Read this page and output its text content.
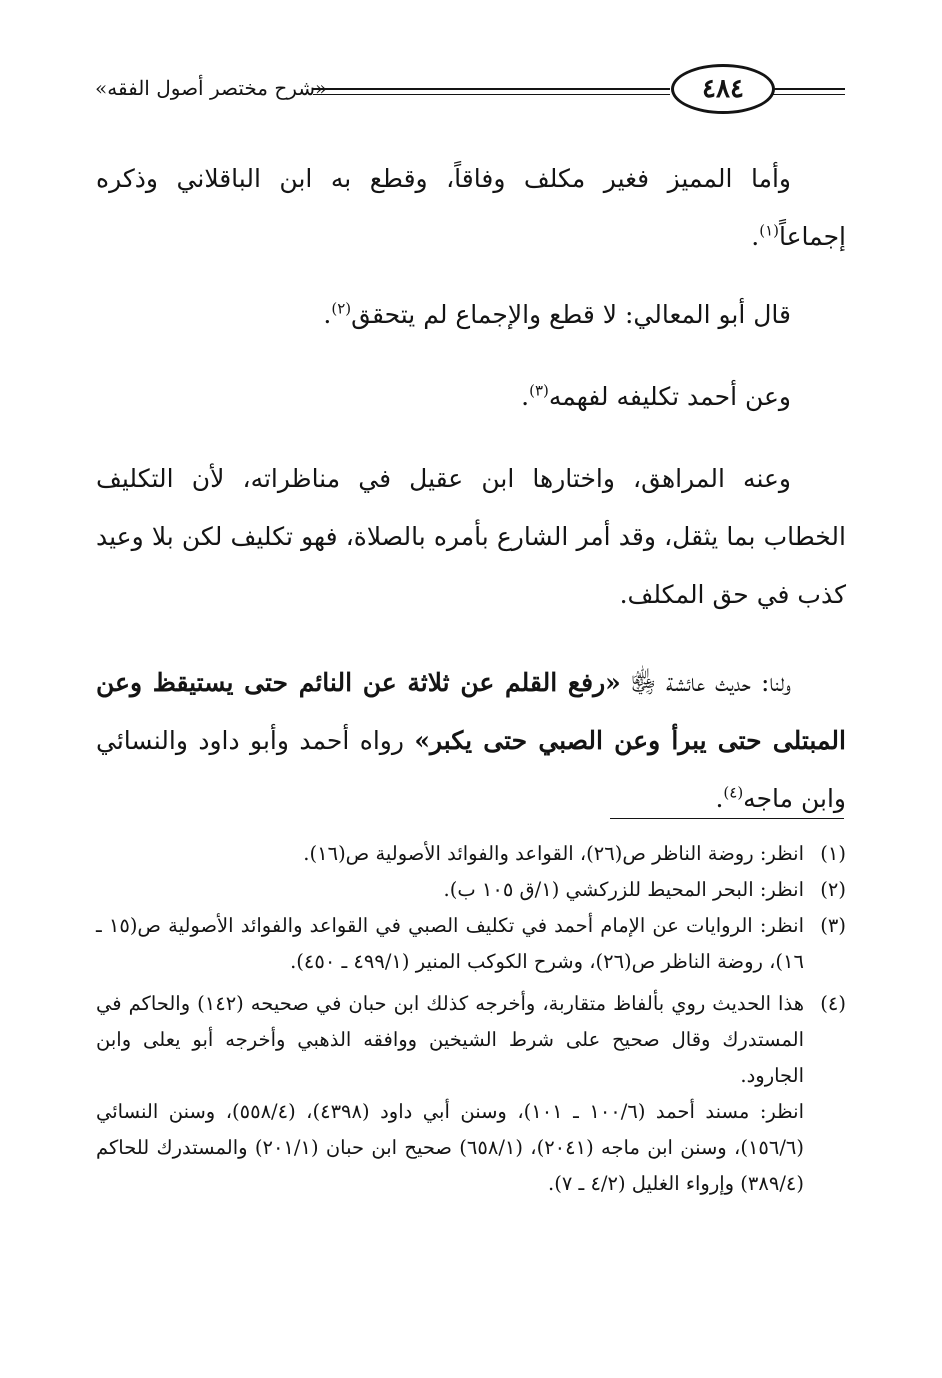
«شرح مختصر أصول الفقه»	٤٨٤

وأما المميز فغير مكلف وفاقاً، وقطع به ابن الباقلاني وذكره إجماعاً$^{(١)}$.

قال أبو المعالي: لا قطع والإجماع لم يتحقق$^{(٢)}$.

وعن أحمد تكليفه لفهمه$^{(٣)}$.

وعنه المراهق، واختارها ابن عقيل في مناظراته، لأن التكليف الخطاب بما يثقل، وقد أمر الشارع بأمره بالصلاة، فهو تكليف لكن بلا وعيد كذب في حق المكلف.

ولنا: حديث عائشة ﵂ «رفع القلم عن ثلاثة عن النائم حتى يستيقظ وعن المبتلى حتى يبرأ وعن الصبي حتى يكبر» رواه أحمد وأبو داود والنسائي وابن ماجه$^{(٤)}$.

(١)
انظر: روضة الناظر ص(٢٦)، القواعد والفوائد الأصولية ص(١٦).

(٢)
انظر: البحر المحيط للزركشي (١/ق ١٠٥ ب).

(٣)
انظر: الروايات عن الإمام أحمد في تكليف الصبي في القواعد والفوائد الأصولية ص(١٥ ـ ١٦)، روضة الناظر ص(٢٦)، وشرح الكوكب المنير (٤٩٩/١ ـ ٤٥٠).

(٤)
هذا الحديث روي بألفاظ متقاربة، وأخرجه كذلك ابن حبان في صحيحه (١٤٢) والحاكم في المستدرك وقال صحيح على شرط الشيخين ووافقه الذهبي وأخرجه أبو يعلى وابن الجارود.

انظر: مسند أحمد (١٠٠/٦ ـ ١٠١)، وسنن أبي داود (٤٣٩٨)، (٥٥٨/٤)، وسنن النسائي (١٥٦/٦)، وسنن ابن ماجه (٢٠٤١)، (٦٥٨/١) صحيح ابن حبان (٢٠١/١) والمستدرك للحاكم (٣٨٩/٤) وإرواء الغليل (٤/٢ ـ ٧).
